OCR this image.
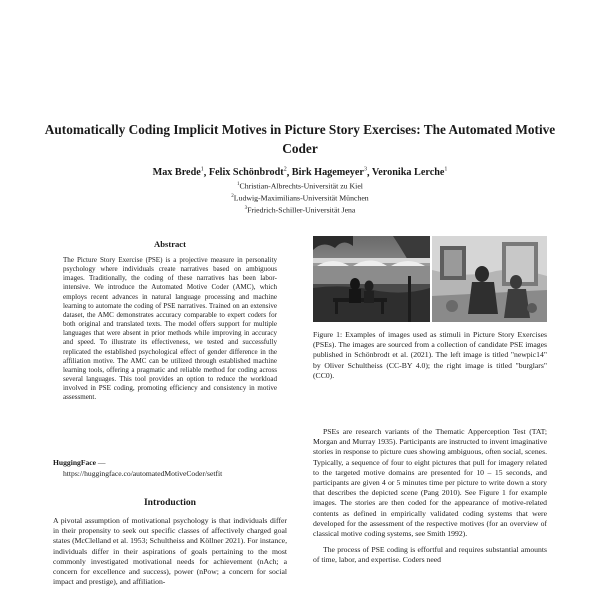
Automatically Coding Implicit Motives in Picture Story Exercises: The Automated Motive Coder
Max Brede$^1$, Felix Schönbrodt$^2$, Birk Hagemeyer$^3$, Veronika Lerche$^1$
$^1$Christian-Albrechts-Universität zu Kiel
$^2$Ludwig-Maximilians-Universität München
$^3$Friedrich-Schiller-Universität Jena
Abstract
The Picture Story Exercise (PSE) is a projective measure in personality psychology where individuals create narratives based on ambiguous images. Traditionally, the coding of these narratives has been labor-intensive. We introduce the Automated Motive Coder (AMC), which employs recent advances in natural language processing and machine learning to automate the coding of PSE narratives. Trained on an extensive dataset, the AMC demonstrates accuracy comparable to expert coders for both original and translated texts. The model offers support for multiple languages that were absent in prior methods while improving in accuracy and speed. To illustrate its effectiveness, we tested and successfully replicated the established psychological effect of gender difference in the affiliation motive. The AMC can be utilized through established machine learning tools, offering a pragmatic and reliable method for coding across several languages. This tool provides an option to reduce the workload involved in PSE coding, promoting efficiency and consistency in motive assessment.
HuggingFace —
https://huggingface.co/automatedMotiveCoder/setfit
Introduction
A pivotal assumption of motivational psychology is that individuals differ in their propensity to seek out specific classes of affectively charged goal states (McClelland et al. 1953; Schultheiss and Köllner 2021). For instance, individuals differ in their aspirations of goals pertaining to the most commonly investigated motivational needs for achievement (nAch; a concern for excellence and success), power (nPow; a concern for social impact and prestige), and affiliation-
Figure 1: Examples of images used as stimuli in Picture Story Exercises (PSEs). The images are sourced from a collection of candidate PSE images published in Schönbrodt et al. (2021). The left image is titled "newpic14" by Oliver Schultheiss (CC-BY 4.0); the right image is titled "burglars" (CC0).

PSEs are research variants of the Thematic Apperception Test (TAT; Morgan and Murray 1935). Participants are instructed to invent imaginative stories in response to picture cues showing ambiguous, often social, scenes. Typically, a sequence of four to eight pictures that pull for imagery related to the targeted motive domains are presented for 10 – 15 seconds, and participants are given 4 or 5 minutes time per picture to write down a story that describes the depicted scene (Pang 2010). See Figure 1 for example images. The stories are then coded for the appearance of motive-related contents as defined in empirically validated coding systems that were developed for the assessment of the respective motives (for an overview of classical motive coding systems, see Smith 1992).

The process of PSE coding is effortful and requires substantial amounts of time, labor, and expertise. Coders need
